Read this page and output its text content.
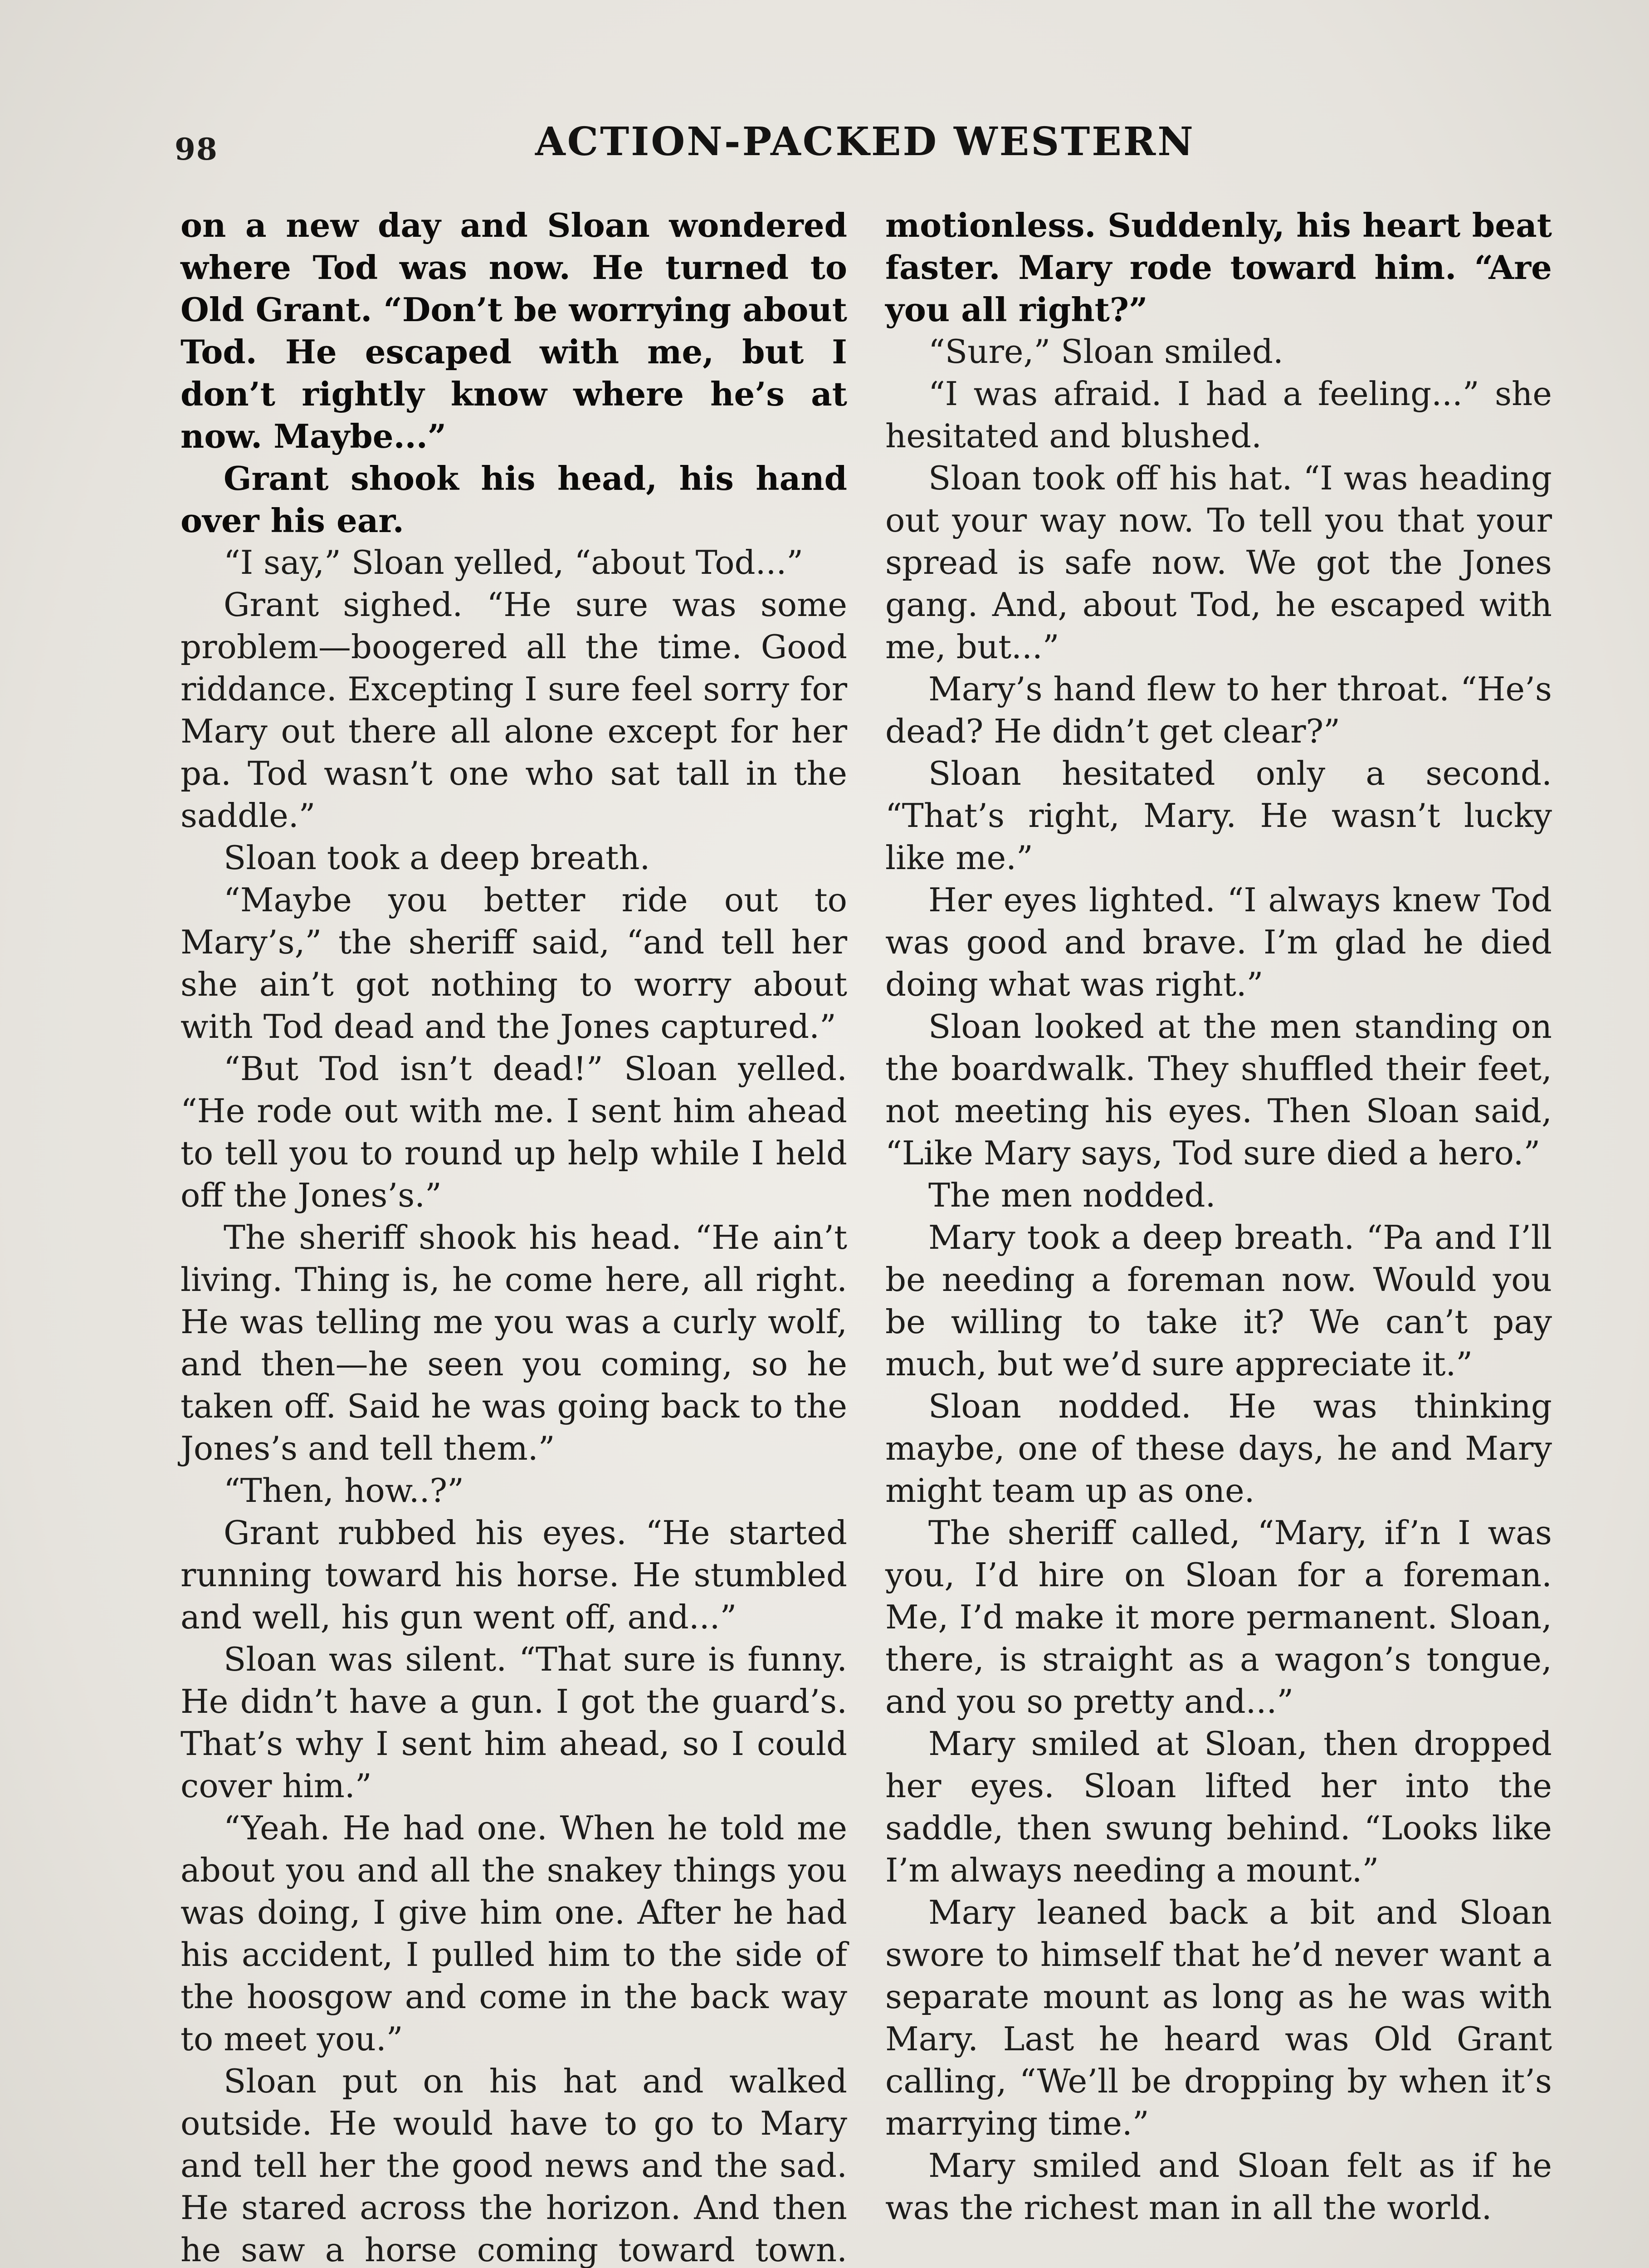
98	ACTION-PACKED WESTERN

on a new day and Sloan wondered where Tod was now. He turned to Old Grant. “Don’t be worrying about Tod. He escaped with me, but I don’t rightly know where he’s at now. Maybe...”

Grant shook his head, his hand over his ear.

“I say,” Sloan yelled, “about Tod...”

Grant sighed. “He sure was some problem—boogered all the time. Good riddance. Excepting I sure feel sorry for Mary out there all alone except for her pa. Tod wasn’t one who sat tall in the saddle.”

Sloan took a deep breath.

“Maybe you better ride out to Mary’s,” the sheriff said, “and tell her she ain’t got nothing to worry about with Tod dead and the Jones captured.”

“But Tod isn’t dead!” Sloan yelled. “He rode out with me. I sent him ahead to tell you to round up help while I held off the Jones’s.”

The sheriff shook his head. “He ain’t living. Thing is, he come here, all right. He was telling me you was a curly wolf, and then—he seen you coming, so he taken off. Said he was going back to the Jones’s and tell them.”

“Then, how..?”

Grant rubbed his eyes. “He started running toward his horse. He stumbled and well, his gun went off, and...”

Sloan was silent. “That sure is funny. He didn’t have a gun. I got the guard’s. That’s why I sent him ahead, so I could cover him.”

“Yeah. He had one. When he told me about you and all the snakey things you was doing, I give him one. After he had his accident, I pulled him to the side of the hoosgow and come in the back way to meet you.”

Sloan put on his hat and walked outside. He would have to go to Mary and tell her the good news and the sad. He stared across the horizon. And then he saw a horse coming toward town.

motionless. Suddenly, his heart beat faster. Mary rode toward him. “Are you all right?”

“Sure,” Sloan smiled.

“I was afraid. I had a feeling...” she hesitated and blushed.

Sloan took off his hat. “I was heading out your way now. To tell you that your spread is safe now. We got the Jones gang. And, about Tod, he escaped with me, but...”

Mary’s hand flew to her throat. “He’s dead? He didn’t get clear?”

Sloan hesitated only a second. “That’s right, Mary. He wasn’t lucky like me.”

Her eyes lighted. “I always knew Tod was good and brave. I’m glad he died doing what was right.”

Sloan looked at the men standing on the boardwalk. They shuffled their feet, not meeting his eyes. Then Sloan said, “Like Mary says, Tod sure died a hero.”

The men nodded.

Mary took a deep breath. “Pa and I’ll be needing a foreman now. Would you be willing to take it? We can’t pay much, but we’d sure appreciate it.”

Sloan nodded. He was thinking maybe, one of these days, he and Mary might team up as one.

The sheriff called, “Mary, if’n I was you, I’d hire on Sloan for a foreman. Me, I’d make it more permanent. Sloan, there, is straight as a wagon’s tongue, and you so pretty and...”

Mary smiled at Sloan, then dropped her eyes. Sloan lifted her into the saddle, then swung behind. “Looks like I’m always needing a mount.”

Mary leaned back a bit and Sloan swore to himself that he’d never want a separate mount as long as he was with Mary. Last he heard was Old Grant calling, “We’ll be dropping by when it’s marrying time.”

Mary smiled and Sloan felt as if he was the richest man in all the world.
